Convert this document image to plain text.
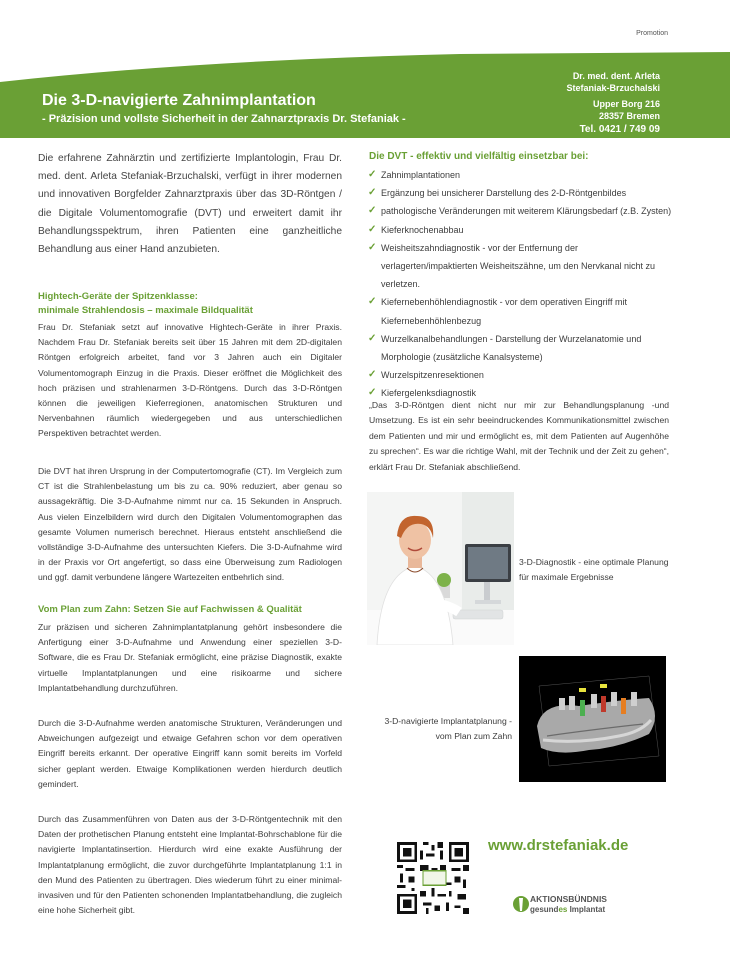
Promotion
Die 3-D-navigierte Zahnimplantation
- Präzision und vollste Sicherheit in der Zahnarztpraxis Dr. Stefaniak -
Dr. med. dent. Arleta
Stefaniak-Brzuchalski
Upper Borg 216
28357 Bremen
Tel. 0421 / 749 09

Die erfahrene Zahnärztin und zertifizierte Implantologin, Frau Dr. med. dent. Arleta Stefaniak-Brzuchalski, verfügt in ihrer modernen und innovativen Borgfelder Zahnarztpraxis über das 3D-Röntgen / die Digitale Volumentomografie (DVT) und erweitert damit ihr Behandlungsspektrum, ihren Patienten eine ganzheitliche Behandlung aus einer Hand anzubieten.

Hightech-Geräte der Spitzenklasse:
minimale Strahlendosis – maximale Bildqualität

Frau Dr. Stefaniak setzt auf innovative Hightech-Geräte in ihrer Praxis. Nachdem Frau Dr. Stefaniak bereits seit über 15 Jahren mit dem 2D-digitalen Röntgen erfolgreich arbeitet, fand vor 3 Jahren auch ein Digitaler Volumentomograph Einzug in die Praxis. Dieser eröffnet die Möglichkeit des hoch präzisen und strahlenarmen 3-D-Röntgens. Durch das 3-D-Röntgen können die jeweiligen Kieferregionen, anatomischen Strukturen und Nervenbahnen räumlich wiedergegeben und aus unterschiedlichen Perspektiven betrachtet werden.

Die DVT hat ihren Ursprung in der Computertomografie (CT). Im Vergleich zum CT ist die Strahlenbelastung um bis zu ca. 90% reduziert, aber genau so aussagekräftig. Die 3-D-Aufnahme nimmt nur ca. 15 Sekunden in Anspruch. Aus vielen Einzelbildern wird durch den Digitalen Volumentomographen das gesamte Volumen numerisch berechnet. Hieraus entsteht anschließend die vollständige 3-D-Aufnahme des untersuchten Kiefers. Die 3-D-Aufnahme wird in der Praxis vor Ort angefertigt, so dass eine Überweisung zum Radiologen und ggf. damit verbundene längere Wartezeiten entbehrlich sind.

Vom Plan zum Zahn: Setzen Sie auf Fachwissen & Qualität

Zur präzisen und sicheren Zahnimplantatplanung gehört insbesondere die Anfertigung einer 3-D-Aufnahme und Anwendung einer speziellen 3-D-Software, die es Frau Dr. Stefaniak ermöglicht, eine präzise Diagnostik, exakte virtuelle Implantatplanungen und eine risikoarme und sichere Implantatbehandlung durchzuführen.

Durch die 3-D-Aufnahme werden anatomische Strukturen, Veränderungen und Abweichungen aufgezeigt und etwaige Gefahren schon vor dem operativen Eingriff bereits erkannt. Der operative Eingriff kann somit bereits im Vorfeld sicher geplant werden. Etwaige Komplikationen werden hierdurch deutlich gemindert.

Durch das Zusammenführen von Daten aus der 3-D-Röntgentechnik mit den Daten der prothetischen Planung entsteht eine Implantat-Bohrschablone für die navigierte Implantatinsertion. Hierdurch wird eine exakte Ausführung der Implantatplanung ermöglicht, die zuvor durchgeführte Implantatplanung 1:1 in den Mund des Patienten zu übertragen. Dies wiederum führt zu einer minimal-invasiven und für den Patienten schonenden Implantatbehandlung, die zugleich eine hohe Sicherheit gibt.

Die DVT - effektiv und vielfältig einsetzbar bei:
✓ Zahnimplantationen
✓ Ergänzung bei unsicherer Darstellung des 2-D-Röntgenbildes
✓ pathologische Veränderungen mit weiterem Klärungsbedarf (z.B. Zysten)
✓ Kieferknochenabbau
✓ Weisheitszahndiagnostik - vor der Entfernung der verlagerten/impaktierten Weisheitszähne, um den Nervkanal nicht zu verletzen.
✓ Kiefernebenhöhlendiagnostik - vor dem operativen Eingriff mit Kiefernebenhöhlenbezug
✓ Wurzelkanalbehandlungen - Darstellung der Wurzelanatomie und Morphologie (zusätzliche Kanalsysteme)
✓ Wurzelspitzenresektionen
✓ Kiefergelenksdiagnostik

„Das 3-D-Röntgen dient nicht nur mir zur Behandlungsplanung -und Umsetzung. Es ist ein sehr beeindruckendes Kommunikationsmittel zwischen dem Patienten und mir und ermöglicht es, mit dem Patienten auf Augenhöhe zu sprechen“. Es war die richtige Wahl, mit der Technik und der Zeit zu gehen“, erklärt Frau Dr. Stefaniak abschließend.

3-D-Diagnostik - eine optimale Planung für maximale Ergebnisse
3-D-navigierte Implantatplanung - vom Plan zum Zahn
www.drstefaniak.de
AKTIONSBÜNDNIS
gesundes Implantat
